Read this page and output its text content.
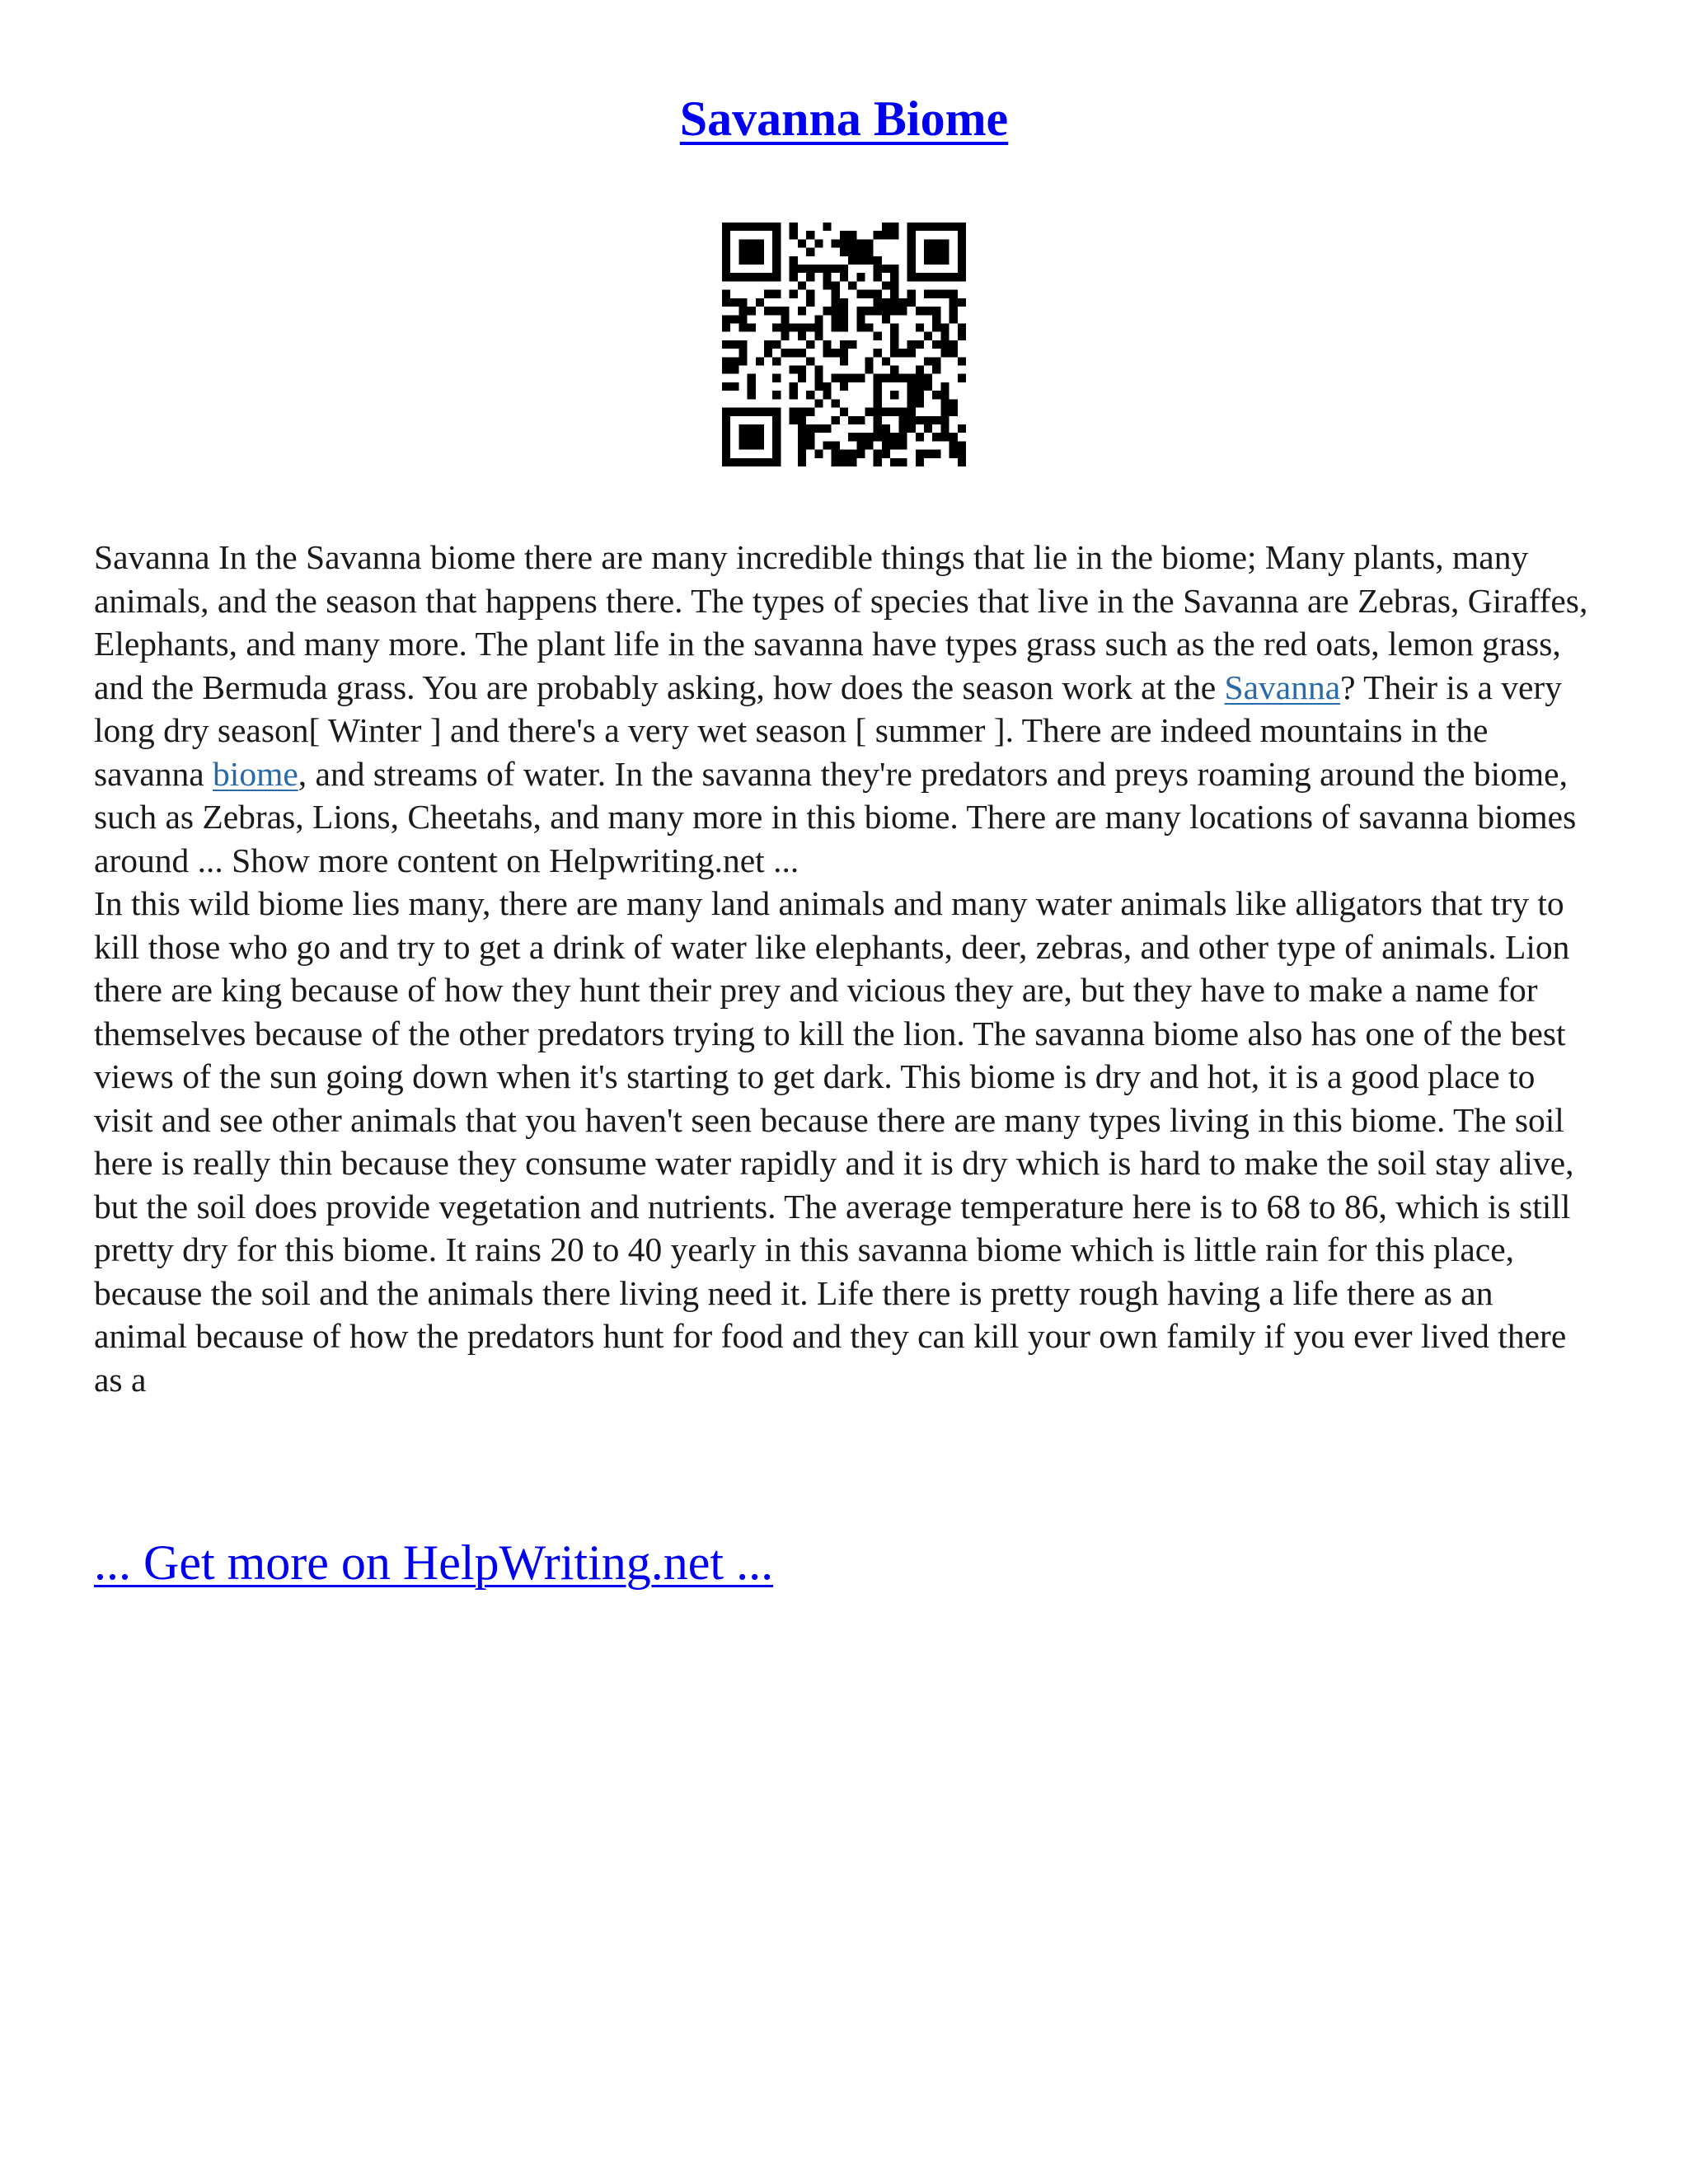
Savanna Biome

Savanna In the Savanna biome there are many incredible things that lie in the biome; Many plants, many animals, and the season that happens there. The types of species that live in the Savanna are Zebras, Giraffes, Elephants, and many more. The plant life in the savanna have types grass such as the red oats, lemon grass, and the Bermuda grass. You are probably asking, how does the season work at the Savanna? Their is a very long dry season[ Winter ] and there's a very wet season [ summer ]. There are indeed mountains in the savanna biome, and streams of water. In the savanna they're predators and preys roaming around the biome, such as Zebras, Lions, Cheetahs, and many more in this biome. There are many locations of savanna biomes around ... Show more content on Helpwriting.net ...

In this wild biome lies many, there are many land animals and many water animals like alligators that try to kill those who go and try to get a drink of water like elephants, deer, zebras, and other type of animals. Lion there are king because of how they hunt their prey and vicious they are, but they have to make a name for themselves because of the other predators trying to kill the lion. The savanna biome also has one of the best views of the sun going down when it's starting to get dark. This biome is dry and hot, it is a good place to visit and see other animals that you haven't seen because there are many types living in this biome. The soil here is really thin because they consume water rapidly and it is dry which is hard to make the soil stay alive, but the soil does provide vegetation and nutrients. The average temperature here is to 68 to 86, which is still pretty dry for this biome. It rains 20 to 40 yearly in this savanna biome which is little rain for this place, because the soil and the animals there living need it. Life there is pretty rough having a life there as an animal because of how the predators hunt for food and they can kill your own family if you ever lived there as a

... Get more on HelpWriting.net ...
